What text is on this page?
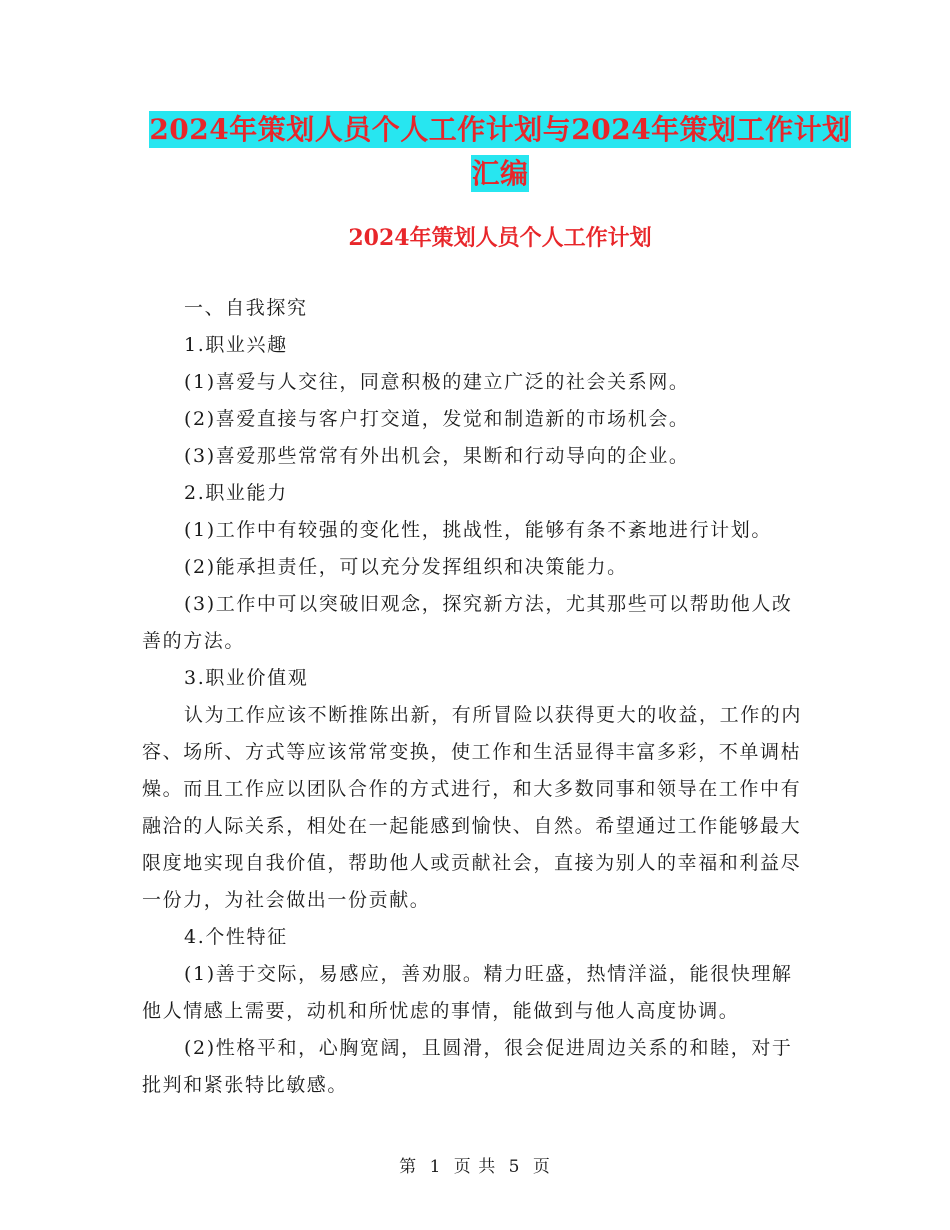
2024年策划人员个人工作计划与2024年策划工作计划
汇编
2024年策划人员个人工作计划

一、自我探究

1.职业兴趣

(1)喜爱与人交往，同意积极的建立广泛的社会关系网。

(2)喜爱直接与客户打交道，发觉和制造新的市场机会。

(3)喜爱那些常常有外出机会，果断和行动导向的企业。

2.职业能力

(1)工作中有较强的变化性，挑战性，能够有条不紊地进行计划。

(2)能承担责任，可以充分发挥组织和决策能力。

(3)工作中可以突破旧观念，探究新方法，尤其那些可以帮助他人改善的方法。

3.职业价值观

认为工作应该不断推陈出新，有所冒险以获得更大的收益，工作的内容、场所、方式等应该常常变换，使工作和生活显得丰富多彩，不单调枯燥。而且工作应以团队合作的方式进行，和大多数同事和领导在工作中有融洽的人际关系，相处在一起能感到愉快、自然。希望通过工作能够最大限度地实现自我价值，帮助他人或贡献社会，直接为别人的幸福和利益尽一份力，为社会做出一份贡献。

4.个性特征

(1)善于交际，易感应，善劝服。精力旺盛，热情洋溢，能很快理解他人情感上需要，动机和所忧虑的事情，能做到与他人高度协调。

(2)性格平和，心胸宽阔，且圆滑，很会促进周边关系的和睦，对于批判和紧张特比敏感。

第 1 页 共 5 页
